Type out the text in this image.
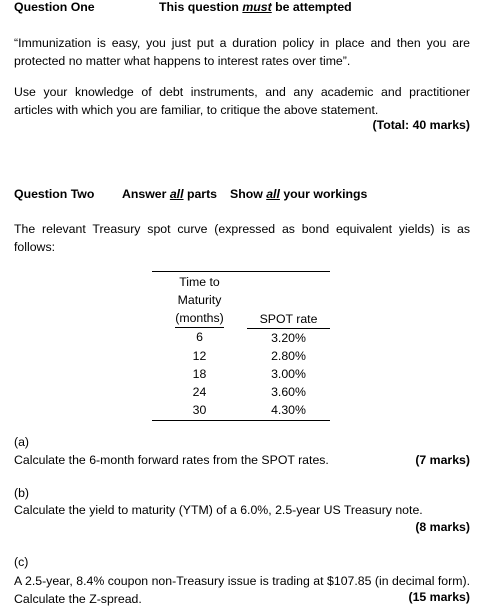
Question One	This question must be attempted
“Immunization is easy, you just put a duration policy in place and then you are protected no matter what happens to interest rates over time”.
Use your knowledge of debt instruments, and any academic and practitioner articles with which you are familiar, to critique the above statement.
(Total: 40 marks)
Question Two Answer all parts Show all your workings
The relevant Treasury spot curve (expressed as bond equivalent yields) is as follows:
Time to
Maturity
(months)	SPOT rate
6	3.20%
12	2.80%
18	3.00%
24	3.60%
30	4.30%
(a)
Calculate the 6-month forward rates from the SPOT rates.	(7 marks)
(b)
Calculate the yield to maturity (YTM) of a 6.0%, 2.5-year US Treasury note.
(8 marks)
(c)
A 2.5-year, 8.4% coupon non-Treasury issue is trading at $107.85 (in decimal form). Calculate the Z-spread.	(15 marks)
